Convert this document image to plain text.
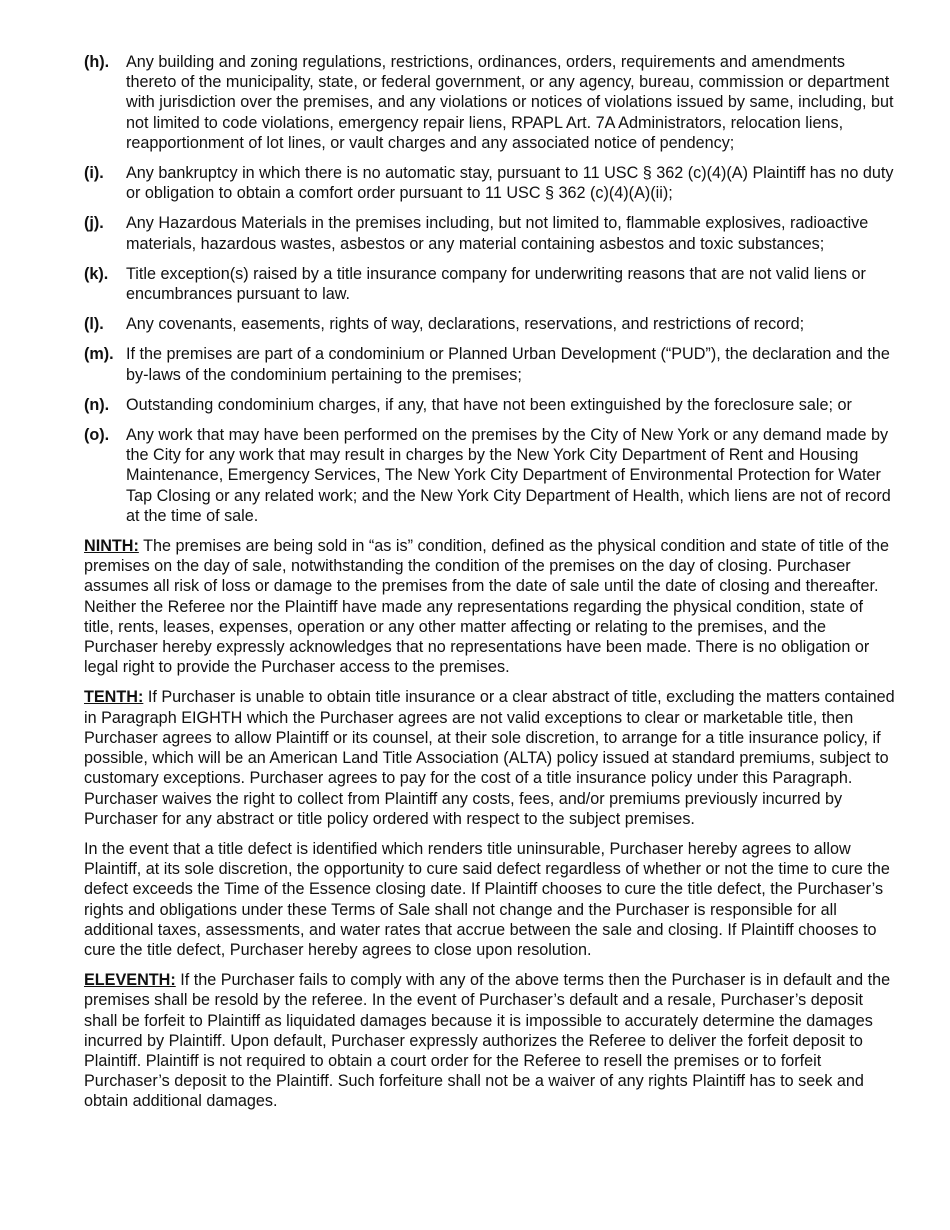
(h).	Any building and zoning regulations, restrictions, ordinances, orders, requirements and amendments thereto of the municipality, state, or federal government, or any agency, bureau, commission or department with jurisdiction over the premises, and any violations or notices of violations issued by same, including, but not limited to code violations, emergency repair liens, RPAPL Art. 7A Administrators, relocation liens, reapportionment of lot lines, or vault charges and any associated notice of pendency;
(i).	Any bankruptcy in which there is no automatic stay, pursuant to 11 USC § 362 (c)(4)(A) Plaintiff has no duty or obligation to obtain a comfort order pursuant to 11 USC § 362 (c)(4)(A)(ii);
(j).	Any Hazardous Materials in the premises including, but not limited to, flammable explosives, radioactive materials, hazardous wastes, asbestos or any material containing asbestos and toxic substances;
(k).	Title exception(s) raised by a title insurance company for underwriting reasons that are not valid liens or encumbrances pursuant to law.
(l).	Any covenants, easements, rights of way, declarations, reservations, and restrictions of record;
(m). If the premises are part of a condominium or Planned Urban Development (“PUD”), the declaration and the by-laws of the condominium pertaining to the premises;
(n).	Outstanding condominium charges, if any, that have not been extinguished by the foreclosure sale; or
(o).	Any work that may have been performed on the premises by the City of New York or any demand made by the City for any work that may result in charges by the New York City Department of Rent and Housing Maintenance, Emergency Services, The New York City Department of Environmental Protection for Water Tap Closing or any related work; and the New York City Department of Health, which liens are not of record at the time of sale.

NINTH: The premises are being sold in “as is” condition, defined as the physical condition and state of title of the premises on the day of sale, notwithstanding the condition of the premises on the day of closing. Purchaser assumes all risk of loss or damage to the premises from the date of sale until the date of closing and thereafter. Neither the Referee nor the Plaintiff have made any representations regarding the physical condition, state of title, rents, leases, expenses, operation or any other matter affecting or relating to the premises, and the Purchaser hereby expressly acknowledges that no representations have been made. There is no obligation or legal right to provide the Purchaser access to the premises.

TENTH: If Purchaser is unable to obtain title insurance or a clear abstract of title, excluding the matters contained in Paragraph EIGHTH which the Purchaser agrees are not valid exceptions to clear or marketable title, then Purchaser agrees to allow Plaintiff or its counsel, at their sole discretion, to arrange for a title insurance policy, if possible, which will be an American Land Title Association (ALTA) policy issued at standard premiums, subject to customary exceptions. Purchaser agrees to pay for the cost of a title insurance policy under this Paragraph. Purchaser waives the right to collect from Plaintiff any costs, fees, and/or premiums previously incurred by Purchaser for any abstract or title policy ordered with respect to the subject premises.

In the event that a title defect is identified which renders title uninsurable, Purchaser hereby agrees to allow Plaintiff, at its sole discretion, the opportunity to cure said defect regardless of whether or not the time to cure the defect exceeds the Time of the Essence closing date. If Plaintiff chooses to cure the title defect, the Purchaser’s rights and obligations under these Terms of Sale shall not change and the Purchaser is responsible for all additional taxes, assessments, and water rates that accrue between the sale and closing. If Plaintiff chooses to cure the title defect, Purchaser hereby agrees to close upon resolution.

ELEVENTH: If the Purchaser fails to comply with any of the above terms then the Purchaser is in default and the premises shall be resold by the referee. In the event of Purchaser’s default and a resale, Purchaser’s deposit shall be forfeit to Plaintiff as liquidated damages because it is impossible to accurately determine the damages incurred by Plaintiff. Upon default, Purchaser expressly authorizes the Referee to deliver the forfeit deposit to Plaintiff. Plaintiff is not required to obtain a court order for the Referee to resell the premises or to forfeit Purchaser’s deposit to the Plaintiff. Such forfeiture shall not be a waiver of any rights Plaintiff has to seek and obtain additional damages.
